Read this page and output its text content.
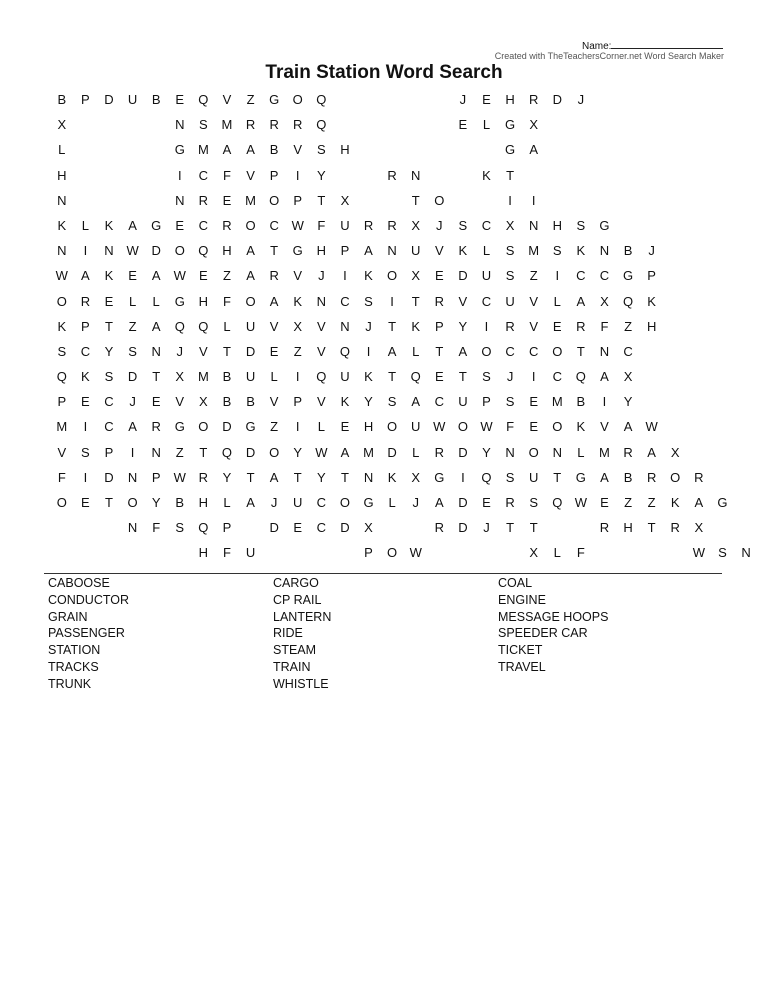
Name:
Created with TheTeachersCorner.net Word Search Maker
Train Station Word Search
B P D U B E Q V Z G O Q	J E H R D J
X	N S M R R R Q	E L G X
L	G M A A B V S H	G A
H	I C F V P I Y	R N	K T
N	N R E M O P T X	T O	I I
K L K A G E C R O C W F U R R X J S C X N H S G
N I N W D O Q H A T G H P A N U V K L S M S K N B J
W A K E A W E Z A R V J I K O X E D U S Z I C C G P
O R E L L G H F O A K N C S I T R V C U V L A X Q K
K P T Z A Q Q L U V X V N J T K P Y I R V E R F Z H
S C Y S N J V T D E Z V Q I A L T A O C C O T N C
Q K S D T X M B U L I Q U K T Q E T S J I C Q A X
P E C J E V X B B V P V K Y S A C U P S E M B I Y
M I C A R G O D G Z I L E H O U W O W F E O K V A W
V S P I N Z T Q D O Y W A M D L R D Y N O N L M R A X
F I D N P W R Y T A T Y T N K X G I Q S U T G A B R O R
O E T O Y B H L A J U C O G L J A D E R S Q W E Z Z K A G
N F S Q P	D E C D X	R D J T T	R H T R X
H F U	P O W	X L F	W S N
CABOOSE	CARGO	COAL
CONDUCTOR	CP RAIL	ENGINE
GRAIN	LANTERN	MESSAGE HOOPS
PASSENGER	RIDE	SPEEDER CAR
STATION	STEAM	TICKET
TRACKS	TRAIN	TRAVEL
TRUNK	WHISTLE
